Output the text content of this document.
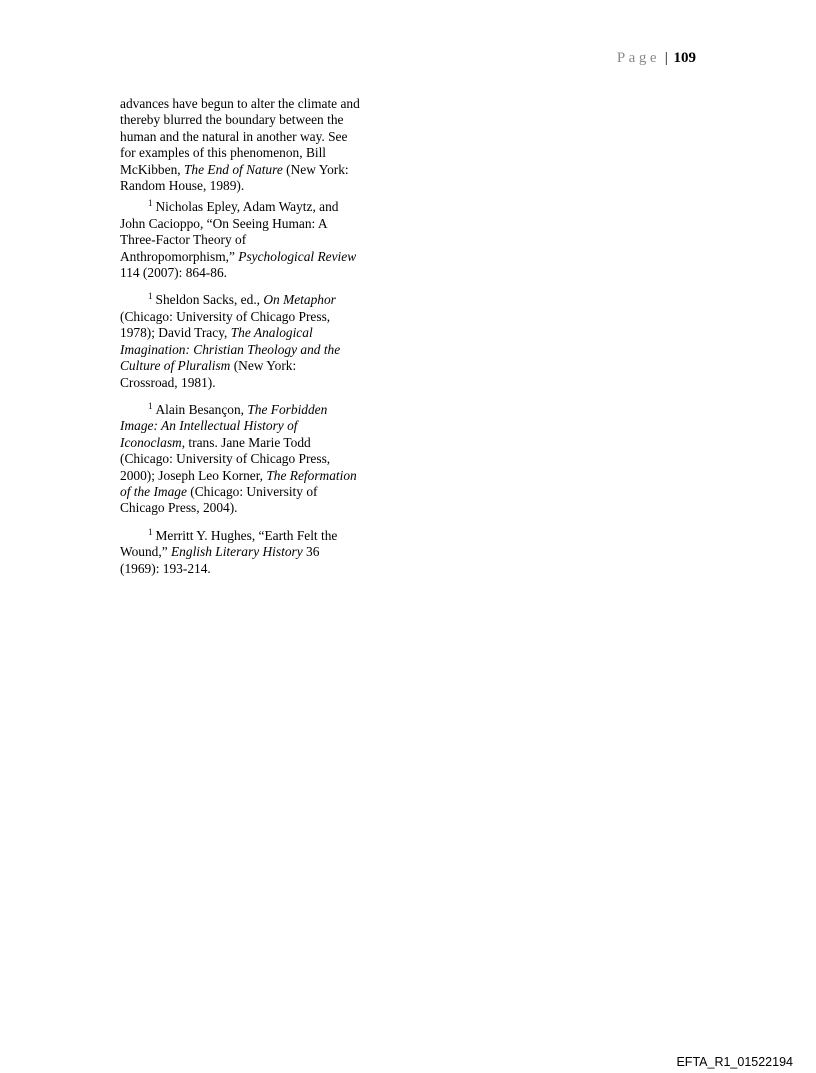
Page | 109
advances have begun to alter the climate and
thereby blurred the boundary between the
human and the natural in another way. See
for examples of this phenomenon, Bill
McKibben, The End of Nature (New York:
Random House, 1989).
$^1$ Nicholas Epley, Adam Waytz, and
John Cacioppo, “On Seeing Human: A
Three-Factor Theory of
Anthropomorphism,” Psychological Review
114 (2007): 864-86.
$^1$ Sheldon Sacks, ed., On Metaphor
(Chicago: University of Chicago Press,
1978); David Tracy, The Analogical
Imagination: Christian Theology and the
Culture of Pluralism (New York:
Crossroad, 1981).
$^1$ Alain Besançon, The Forbidden
Image: An Intellectual History of
Iconoclasm, trans. Jane Marie Todd
(Chicago: University of Chicago Press,
2000); Joseph Leo Korner, The Reformation
of the Image (Chicago: University of
Chicago Press, 2004).
$^1$ Merritt Y. Hughes, “Earth Felt the
Wound,” English Literary History 36
(1969): 193-214.
EFTA_R1_01522194
